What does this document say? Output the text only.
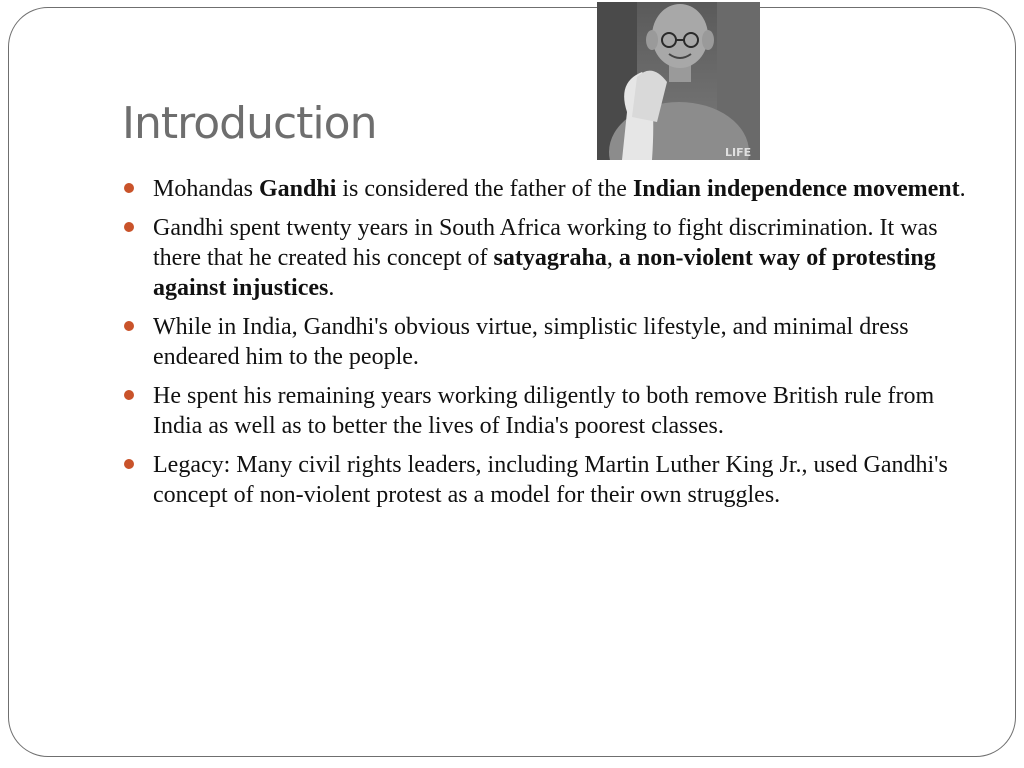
Introduction
Mohandas Gandhi is considered the father of the Indian independence movement.
Gandhi spent twenty years in South Africa working to fight discrimination. It was there that he created his concept of satyagraha, a non-violent way of protesting against injustices.
While in India, Gandhi's obvious virtue, simplistic lifestyle, and minimal dress endeared him to the people.
He spent his remaining years working diligently to both remove British rule from India as well as to better the lives of India's poorest classes.
Legacy: Many civil rights leaders, including Martin Luther King Jr., used Gandhi's concept of non-violent protest as a model for their own struggles.
LIFE
